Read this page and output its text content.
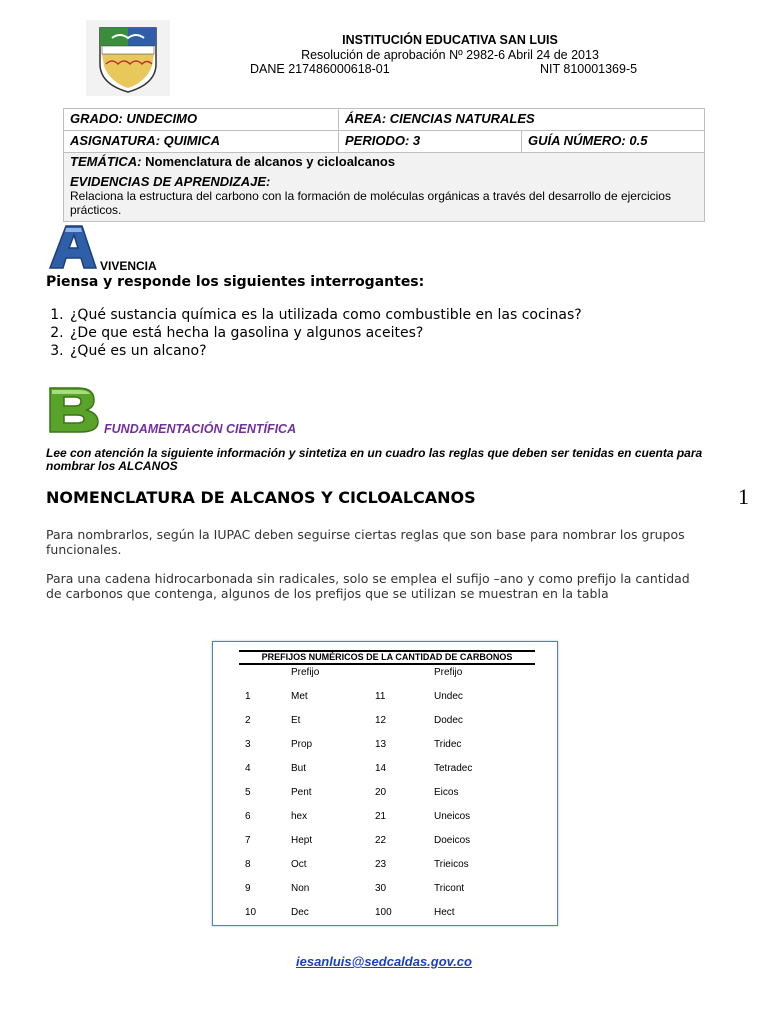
INSTITUCIÓN EDUCATIVA SAN LUIS
Resolución de aprobación Nº 2982-6 Abril 24 de 2013
DANE 217486000618-01	NIT 810001369-5
GRADO: UNDECIMO	ÁREA: CIENCIAS NATURALES	
ASIGNATURA: QUIMICA	PERIODO: 3	GUÍA NÚMERO: 0.5
TEMÁTICA: Nomenclatura de alcanos y cicloalcanos
EVIDENCIAS DE APRENDIZAJE:
Relaciona la estructura del carbono con la formación de moléculas orgánicas a través del desarrollo de ejercicios prácticos.		
VIVENCIA
Piensa y responde los siguientes interrogantes:
1. ¿Qué sustancia química es la utilizada como combustible en las cocinas?
2. ¿De que está hecha la gasolina y algunos aceites?
3. ¿Qué es un alcano?
FUNDAMENTACIÓN CIENTÍFICA
Lee con atención la siguiente información y sintetiza en un cuadro las reglas que deben ser tenidas en cuenta para nombrar los ALCANOS
NOMENCLATURA DE ALCANOS Y CICLOALCANOS	1
Para nombrarlos, según la IUPAC deben seguirse ciertas reglas que son base para nombrar los grupos funcionales.
Para una cadena hidrocarbonada sin radicales, solo se emplea el sufijo –ano y como prefijo la cantidad de carbonos que contenga, algunos de los prefijos que se utilizan se muestran en la tabla
PREFIJOS NUMÉRICOS DE LA CANTIDAD DE CARBONOS
Prefijo	Prefijo
1	Met	11	Undec
2	Et	12	Dodec
3	Prop	13	Tridec
4	But	14	Tetradec
5	Pent	20	Eicos
6	hex	21	Uneicos
7	Hept	22	Doeicos
8	Oct	23	Trieicos
9	Non	30	Tricont
10	Dec	100	Hect
iesanluis@sedcaldas.gov.co
